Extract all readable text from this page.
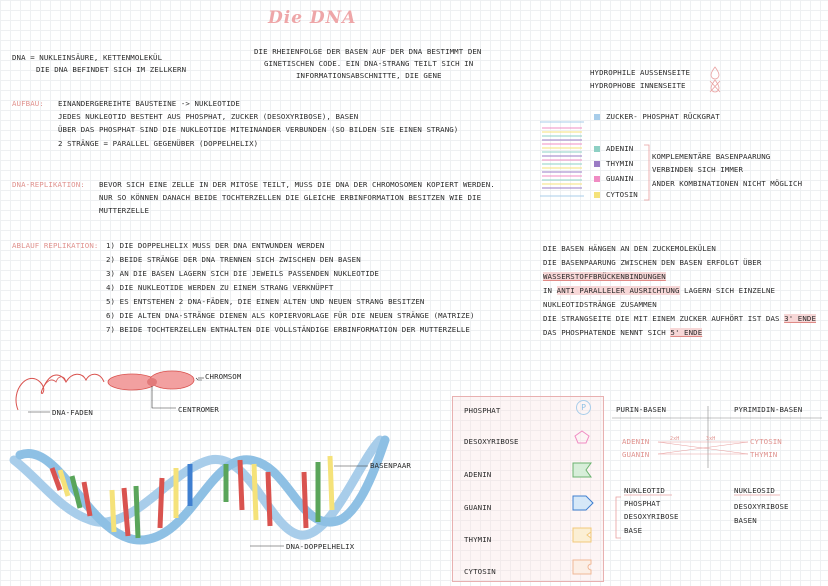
Die DNA
DNA = NUKLEINSÄURE, KETTENMOLEKÜL
DIE DNA BEFINDET SICH IM ZELLKERN
DIE RHEIENFOLGE DER BASEN AUF DER DNA BESTIMMT DEN
GINETISCHEN CODE. EIN DNA-STRANG TEILT SICH IN
INFORMATIONSABSCHNITTE, DIE GENE	HYDROPHILE AUSSENSEITE
HYDROPHOBE INNENSEITE
ZUCKER- PHOSPHAT RÜCKGRAT
ADENIN
THYMIN
GUANIN
CYTOSIN
KOMPLEMENTÄRE BASENPAARUNG
VERBINDEN SICH IMMER
ANDER KOMBINATIONEN NICHT MÖGLICH
AUFBAU: EINANDERGEREIHTE BAUSTEINE -> NUKLEOTIDE
JEDES NUKLEOTID BESTEHT AUS PHOSPHAT, ZUCKER (DESOXYRIBOSE), BASEN
ÜBER DAS PHOSPHAT SIND DIE NUKLEOTIDE MITEINANDER VERBUNDEN (SO BILDEN SIE EINEN STRANG)
2 STRÄNGE = PARALLEL GEGENÜBER (DOPPELHELIX)
DNA-REPLIKATION: BEVOR SICH EINE ZELLE IN DER MITOSE TEILT, MUSS DIE DNA DER CHROMOSOMEN KOPIERT WERDEN.
NUR SO KÖNNEN DANACH BEIDE TOCHTERZELLEN DIE GLEICHE ERBINFORMATION BESITZEN WIE DIE
MUTTERZELLE
ABLAUF REPLIKATION: 1) DIE DOPPELHELIX MUSS DER DNA ENTWUNDEN WERDEN
2) BEIDE STRÄNGE DER DNA TRENNEN SICH ZWISCHEN DEN BASEN
3) AN DIE BASEN LAGERN SICH DIE JEWEILS PASSENDEN NUKLEOTIDE
4) DIE NUKLEOTIDE WERDEN ZU EINEM STRANG VERKNÜPFT
5) ES ENTSTEHEN 2 DNA-FÄDEN, DIE EINEN ALTEN UND NEUEN STRANG BESITZEN
6) DIE ALTEN DNA-STRÄNGE DIENEN ALS KOPIERVORLAGE FÜR DIE NEUEN STRÄNGE (MATRIZE)
7) BEIDE TOCHTERZELLEN ENTHALTEN DIE VOLLSTÄNDIGE ERBINFORMATION DER MUTTERZELLE
DIE BASEN HÄNGEN AN DEN ZUCKEMOLEKÜLEN
DIE BASENPAARUNG ZWISCHEN DEN BASEN ERFOLGT ÜBER
WASSERSTOFFBRÜCKENBINDUNGEN
IN ANTI PARALLELER AUSRICHTUNG LAGERN SICH EINZELNE
NUKLEOTIDSTRÄNGE ZUSAMMEN
DIE STRANGSEITE DIE MIT EINEM ZUCKER AUFHÖRT IST DAS 3' ENDE
DAS PHOSPHATENDE NENNT SICH 5' ENDE
CHROMSOM
CENTROMER
DNA-FADEN
BASENPAAR
DNA-DOPPELHELIX
PHOSPHAT
DESOXYRIBOSE
ADENIN
GUANIN
THYMIN
CYTOSIN
P	PURIN-BASEN	PYRIMIDIN-BASEN
ADENIN
GUANIN
CYTOSIN
THYMIN
2xH	3xH
NUKLEOTID
PHOSPHAT
DESOXYRIBOSE
BASE
NUKLEOSID
DESOXYRIBOSE
BASEN
